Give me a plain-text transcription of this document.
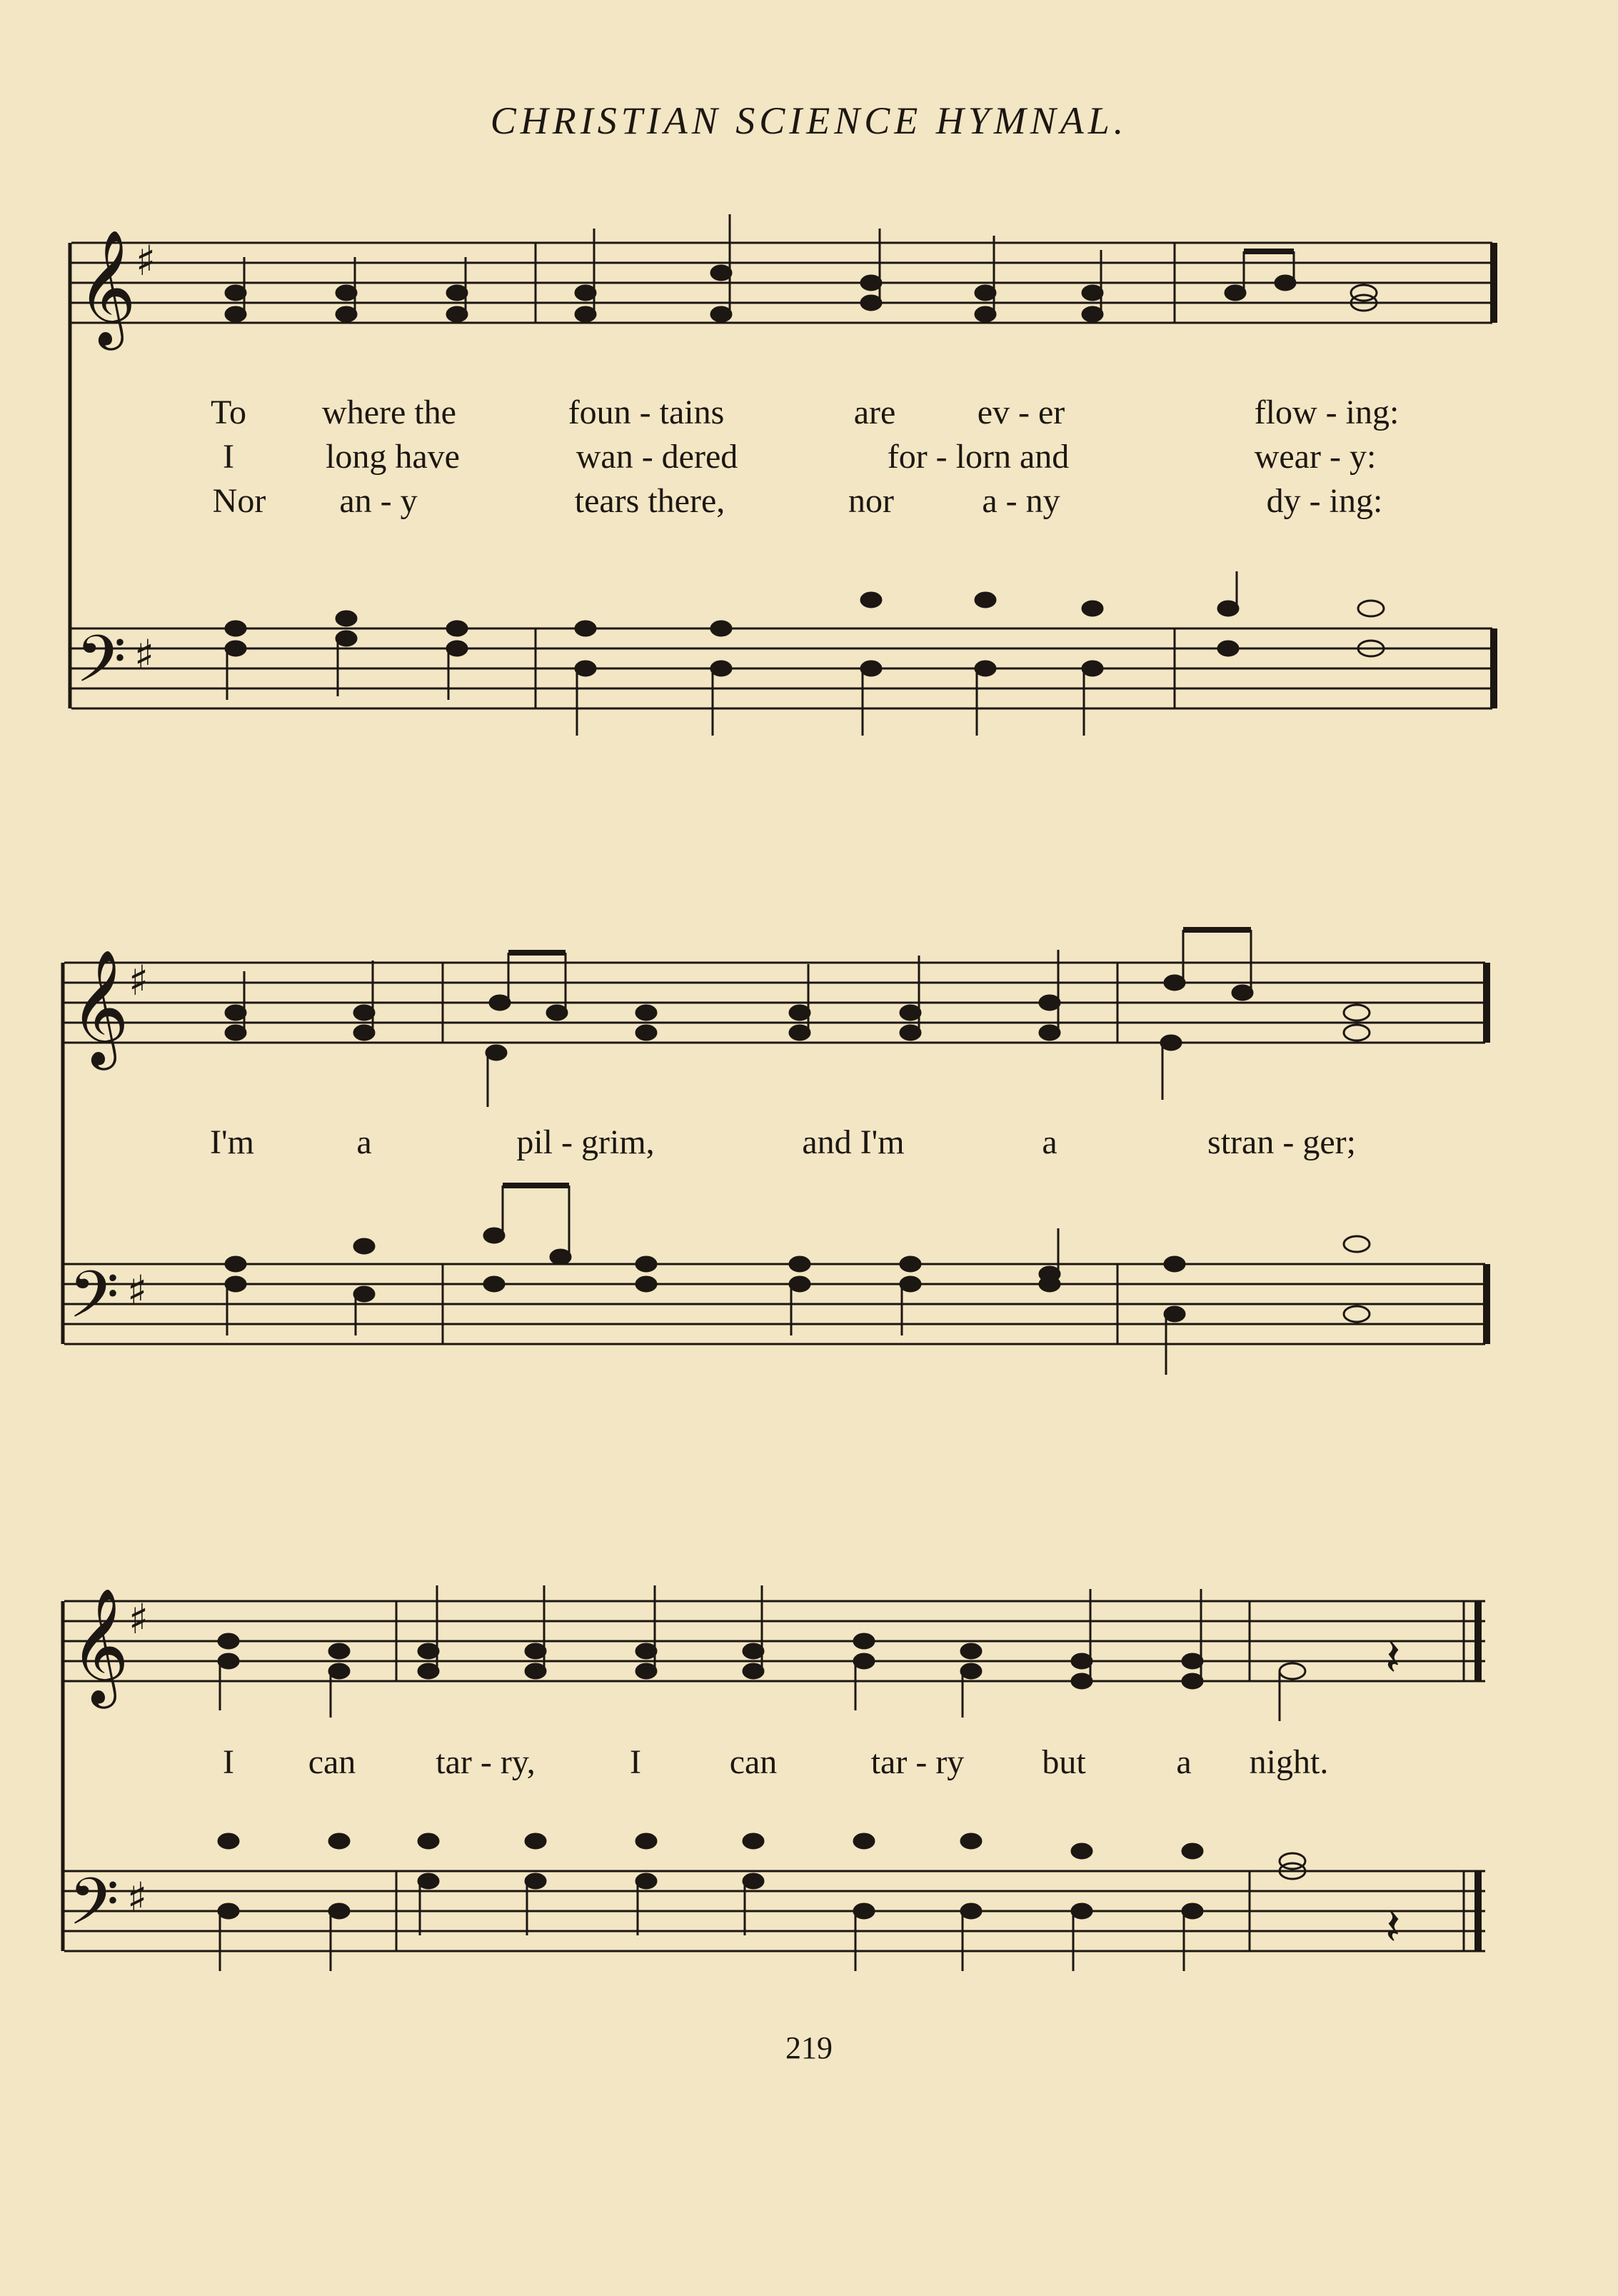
CHRISTIAN SCIENCE HYMNAL.
𝄞 ♯
𝄢 ♯
To where the	foun - tains	are ev - er	flow - ing:
I	long have	wan - dered	for - lorn and	wear - y:
Nor an - y	tears there,	nor	a - ny	dy - ing:
𝄞 ♯
𝄢 ♯
I'm	a	pil - grim,	and I'm	a	stran - ger;
𝄞 ♯
𝄢 ♯
𝄽
𝄽
I can tar - ry,	I	can	tar - ry but	a night.
219
